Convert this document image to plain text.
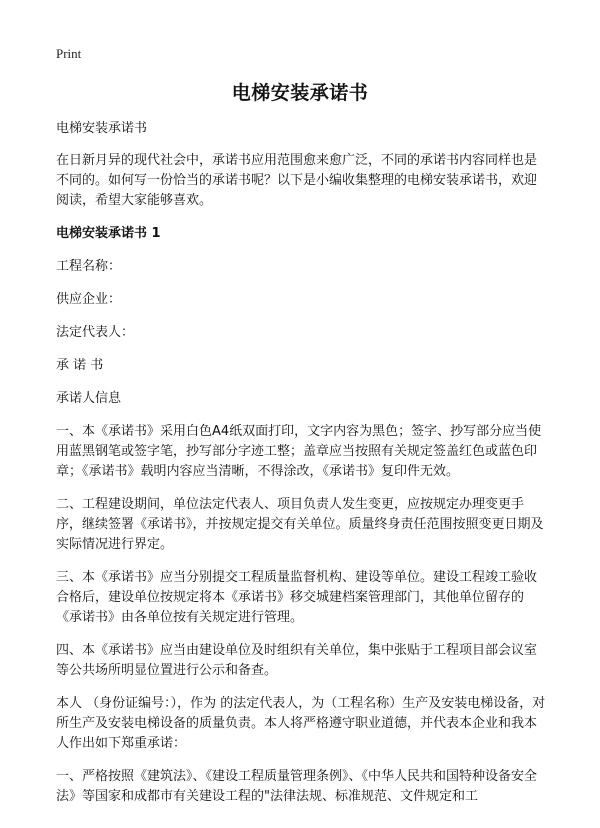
Print
电梯安装承诺书

电梯安装承诺书

在日新月异的现代社会中，承诺书应用范围愈来愈广泛，不同的承诺书内容同样也是不同的。如何写一份恰当的承诺书呢？以下是小编收集整理的电梯安装承诺书，欢迎阅读，希望大家能够喜欢。

电梯安装承诺书 1

工程名称：

供应企业：

法定代表人：

承 诺 书

承诺人信息

一、本《承诺书》采用白色A4纸双面打印，文字内容为黑色；签字、抄写部分应当使用蓝黑钢笔或签字笔，抄写部分字迹工整；盖章应当按照有关规定签盖红色或蓝色印章；《承诺书》载明内容应当清晰，不得涂改，《承诺书》复印件无效。

二、工程建设期间，单位法定代表人、项目负责人发生变更，应按规定办理变更手序，继续签署《承诺书》，并按规定提交有关单位。质量终身责任范围按照变更日期及实际情况进行界定。

三、本《承诺书》应当分别提交工程质量监督机构、建设等单位。建设工程竣工验收合格后，建设单位按规定将本《承诺书》移交城建档案管理部门，其他单位留存的《承诺书》由各单位按有关规定进行管理。

四、本《承诺书》应当由建设单位及时组织有关单位，集中张贴于工程项目部会议室等公共场所明显位置进行公示和备查。

本人 （身份证编号：），作为 的法定代表人，为（工程名称）生产及安装电梯设备，对所生产及安装电梯设备的质量负责。本人将严格遵守职业道德，并代表本企业和我本人作出如下郑重承诺：

一、严格按照《建筑法》、《建设工程质量管理条例》、《中华人民共和国特种设备安全法》等国家和成都市有关建设工程的"法律法规、标准规范、文件规定和工
